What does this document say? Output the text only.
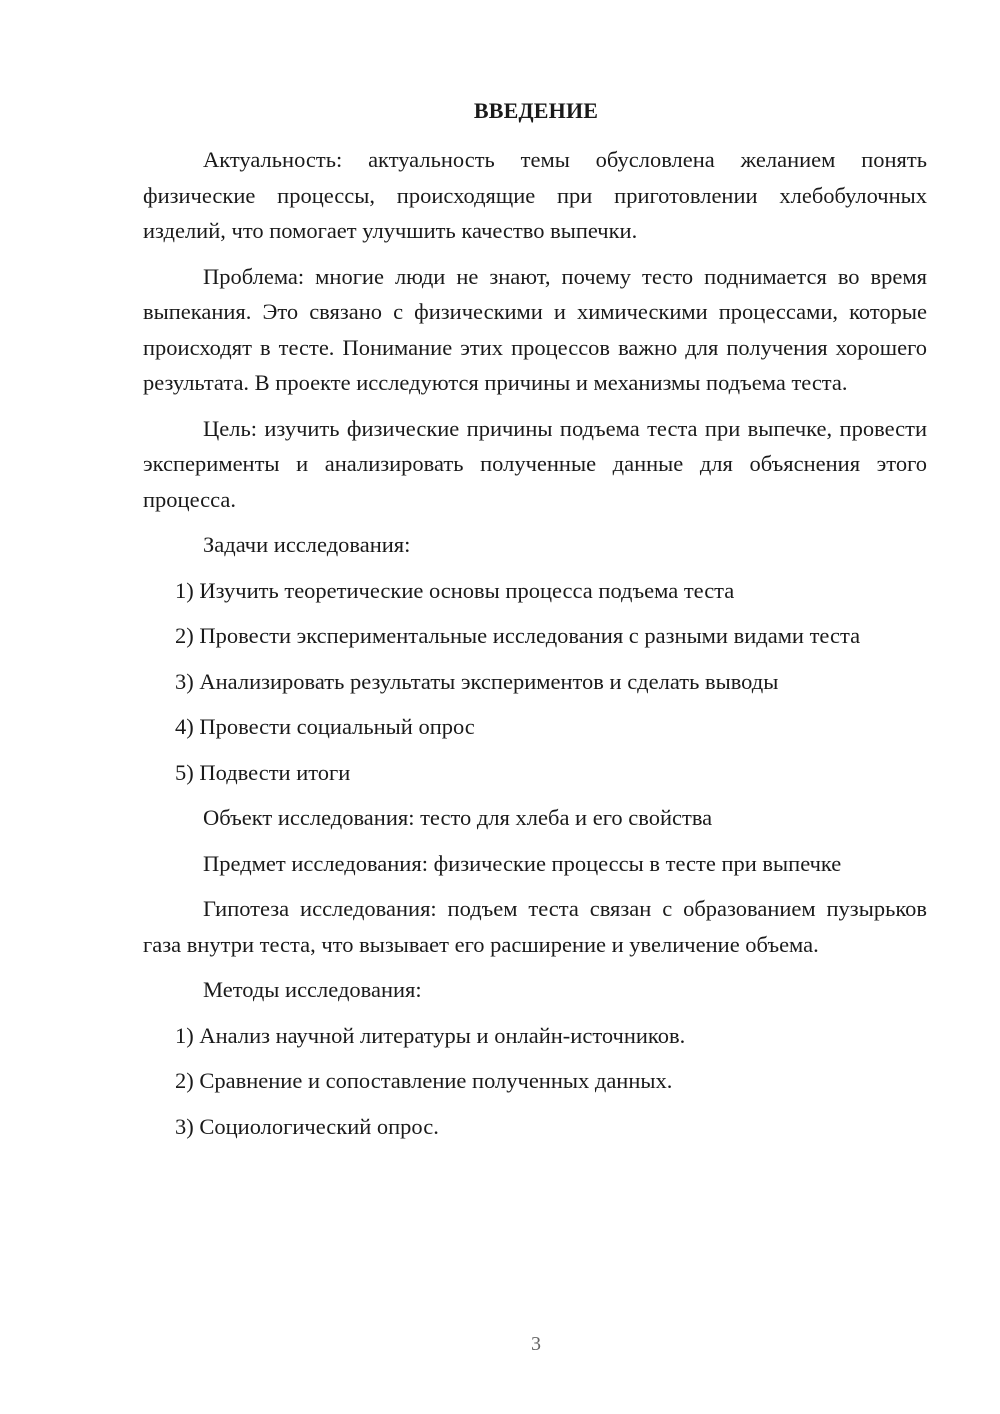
ВВЕДЕНИЕ

Актуальность: актуальность темы обусловлена желанием понять физические процессы, происходящие при приготовлении хлебобулочных изделий, что помогает улучшить качество выпечки.

Проблема: многие люди не знают, почему тесто поднимается во время выпекания. Это связано с физическими и химическими процессами, которые происходят в тесте. Понимание этих процессов важно для получения хорошего результата. В проекте исследуются причины и механизмы подъема теста.

Цель: изучить физические причины подъема теста при выпечке, провести эксперименты и анализировать полученные данные для объяснения этого процесса.

Задачи исследования:

1) Изучить теоретические основы процесса подъема теста

2) Провести экспериментальные исследования с разными видами теста

3) Анализировать результаты экспериментов и сделать выводы

4) Провести социальный опрос

5) Подвести итоги

Объект исследования: тесто для хлеба и его свойства

Предмет исследования: физические процессы в тесте при выпечке

Гипотеза исследования: подъем теста связан с образованием пузырьков газа внутри теста, что вызывает его расширение и увеличение объема.

Методы исследования:

1) Анализ научной литературы и онлайн-источников.

2) Сравнение и сопоставление полученных данных.

3) Социологический опрос.

3
